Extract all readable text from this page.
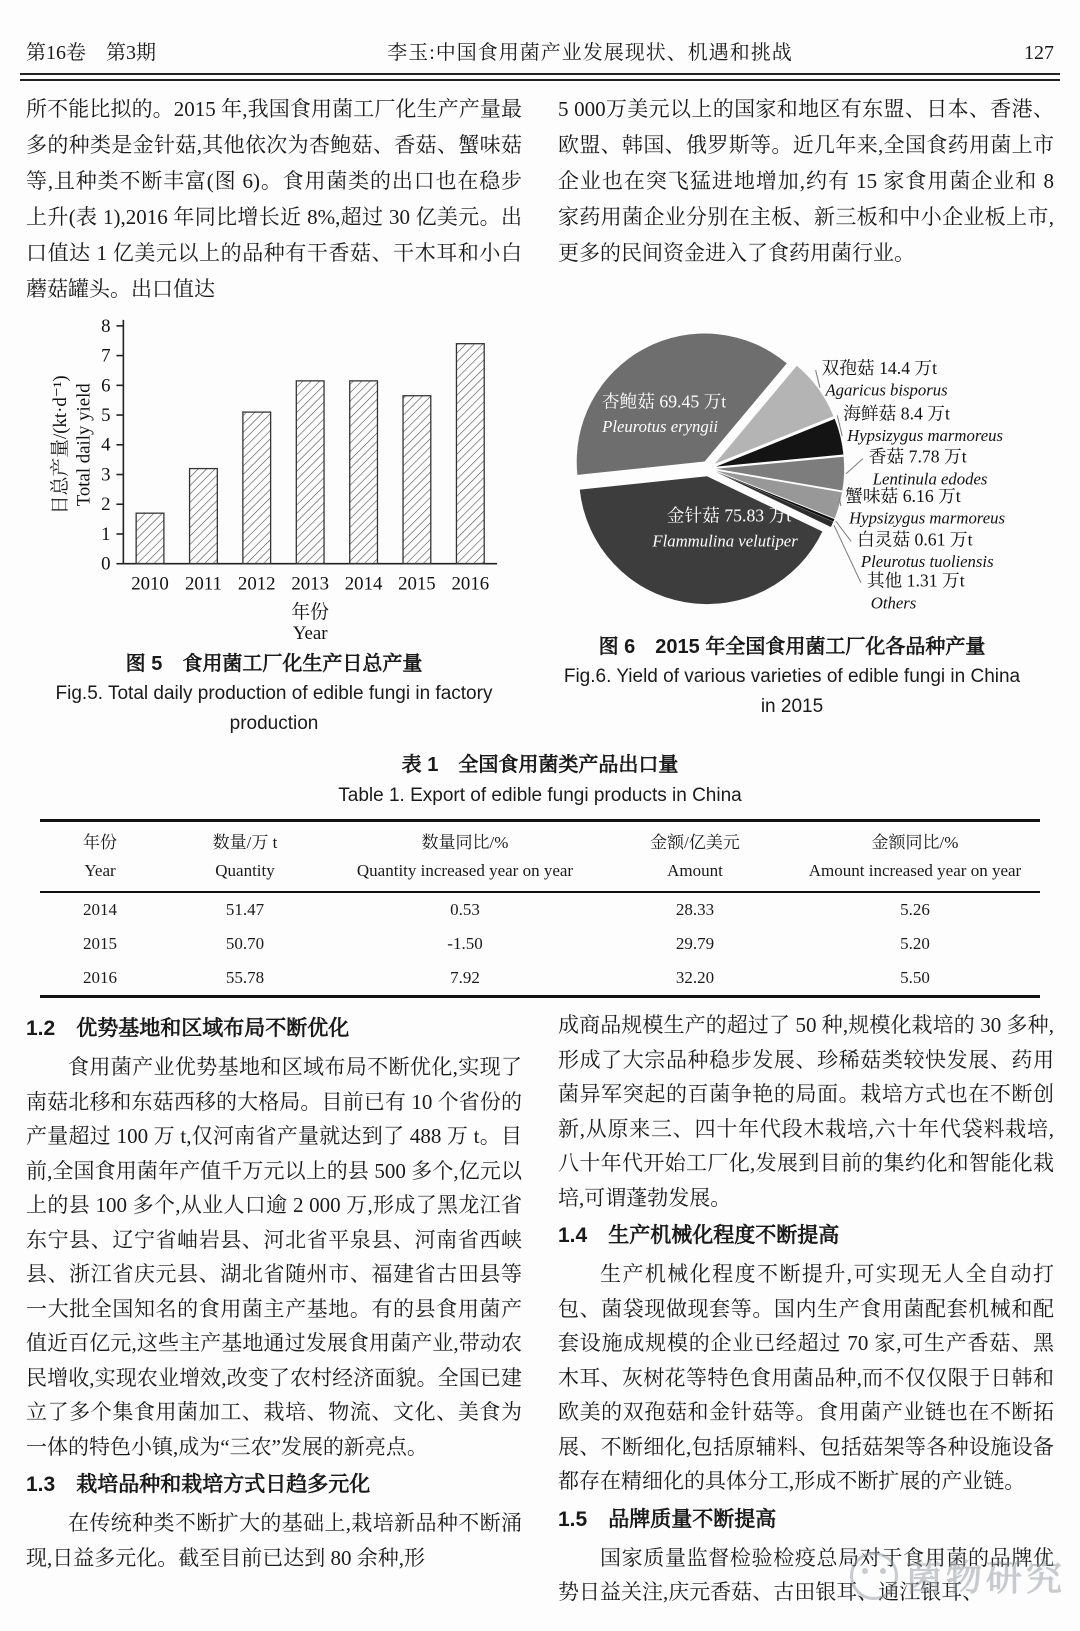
第16卷　第3期	李玉:中国食用菌产业发展现状、机遇和挑战	127

所不能比拟的。2015 年,我国食用菌工厂化生产产量最多的种类是金针菇,其他依次为杏鲍菇、香菇、蟹味菇等,且种类不断丰富(图 6)。食用菌类的出口也在稳步上升(表 1),2016 年同比增长近 8%,超过 30 亿美元。出口值达 1 亿美元以上的品种有干香菇、干木耳和小白蘑菇罐头。出口值达

5 000万美元以上的国家和地区有东盟、日本、香港、欧盟、韩国、俄罗斯等。近几年来,全国食药用菌上市企业也在突飞猛进地增加,约有 15 家食用菌企业和 8 家药用菌企业分别在主板、新三板和中小企业板上市,更多的民间资金进入了食药用菌行业。

0
1
2
3
4
5
6
7
8
2010 2011 2012 2013 2014 2015 2016
日总产量/(kt·d⁻¹) Total daily yield
年份
Year
图 5　食用菌工厂化生产日总产量
Fig.5. Total daily production of edible fungi in factory production
杏鲍菇 69.45 万t
Pleurotus eryngii
双孢菇 14.4 万t
Agaricus bisporus
海鲜菇 8.4 万t
Hypsizygus marmoreus
香菇 7.78 万t
Lentinula edodes
蟹味菇 6.16 万t
Hypsizygus marmoreus
白灵菇 0.61 万t
Pleurotus tuoliensis
其他 1.31 万t
Others
金针菇 75.83 万t
Flammulina velutiper
图 6　2015 年全国食用菌工厂化各品种产量
Fig.6. Yield of various varieties of edible fungi in China in 2015
表 1　全国食用菌类产品出口量
Table 1. Export of edible fungi products in China
年份	数量/万 t	数量同比/%	金额/亿美元	金额同比/%
Year	Quantity	Quantity increased year on year	Amount	Amount increased year on year
2014	51.47	0.53	28.33	5.26
2015	50.70	-1.50	29.79	5.20
2016	55.78	7.92	32.20	5.50
1.2　优势基地和区域布局不断优化

食用菌产业优势基地和区域布局不断优化,实现了南菇北移和东菇西移的大格局。目前已有 10 个省份的产量超过 100 万 t,仅河南省产量就达到了 488 万 t。目前,全国食用菌年产值千万元以上的县 500 多个,亿元以上的县 100 多个,从业人口逾 2 000 万,形成了黑龙江省东宁县、辽宁省岫岩县、河北省平泉县、河南省西峡县、浙江省庆元县、湖北省随州市、福建省古田县等一大批全国知名的食用菌主产基地。有的县食用菌产值近百亿元,这些主产基地通过发展食用菌产业,带动农民增收,实现农业增效,改变了农村经济面貌。全国已建立了多个集食用菌加工、栽培、物流、文化、美食为一体的特色小镇,成为“三农”发展的新亮点。

1.3　栽培品种和栽培方式日趋多元化

在传统种类不断扩大的基础上,栽培新品种不断涌现,日益多元化。截至目前已达到 80 余种,形

成商品规模生产的超过了 50 种,规模化栽培的 30 多种,形成了大宗品种稳步发展、珍稀菇类较快发展、药用菌异军突起的百菌争艳的局面。栽培方式也在不断创新,从原来三、四十年代段木栽培,六十年代袋料栽培,八十年代开始工厂化,发展到目前的集约化和智能化栽培,可谓蓬勃发展。

1.4　生产机械化程度不断提高

生产机械化程度不断提升,可实现无人全自动打包、菌袋现做现套等。国内生产食用菌配套机械和配套设施成规模的企业已经超过 70 家,可生产香菇、黑木耳、灰树花等特色食用菌品种,而不仅仅限于日韩和欧美的双孢菇和金针菇等。食用菌产业链也在不断拓展、不断细化,包括原辅料、包括菇架等各种设施设备都存在精细化的具体分工,形成不断扩展的产业链。

1.5　品牌质量不断提高

国家质量监督检验检疫总局对于食用菌的品牌优势日益关注,庆元香菇、古田银耳、通江银耳、

菌物研究
